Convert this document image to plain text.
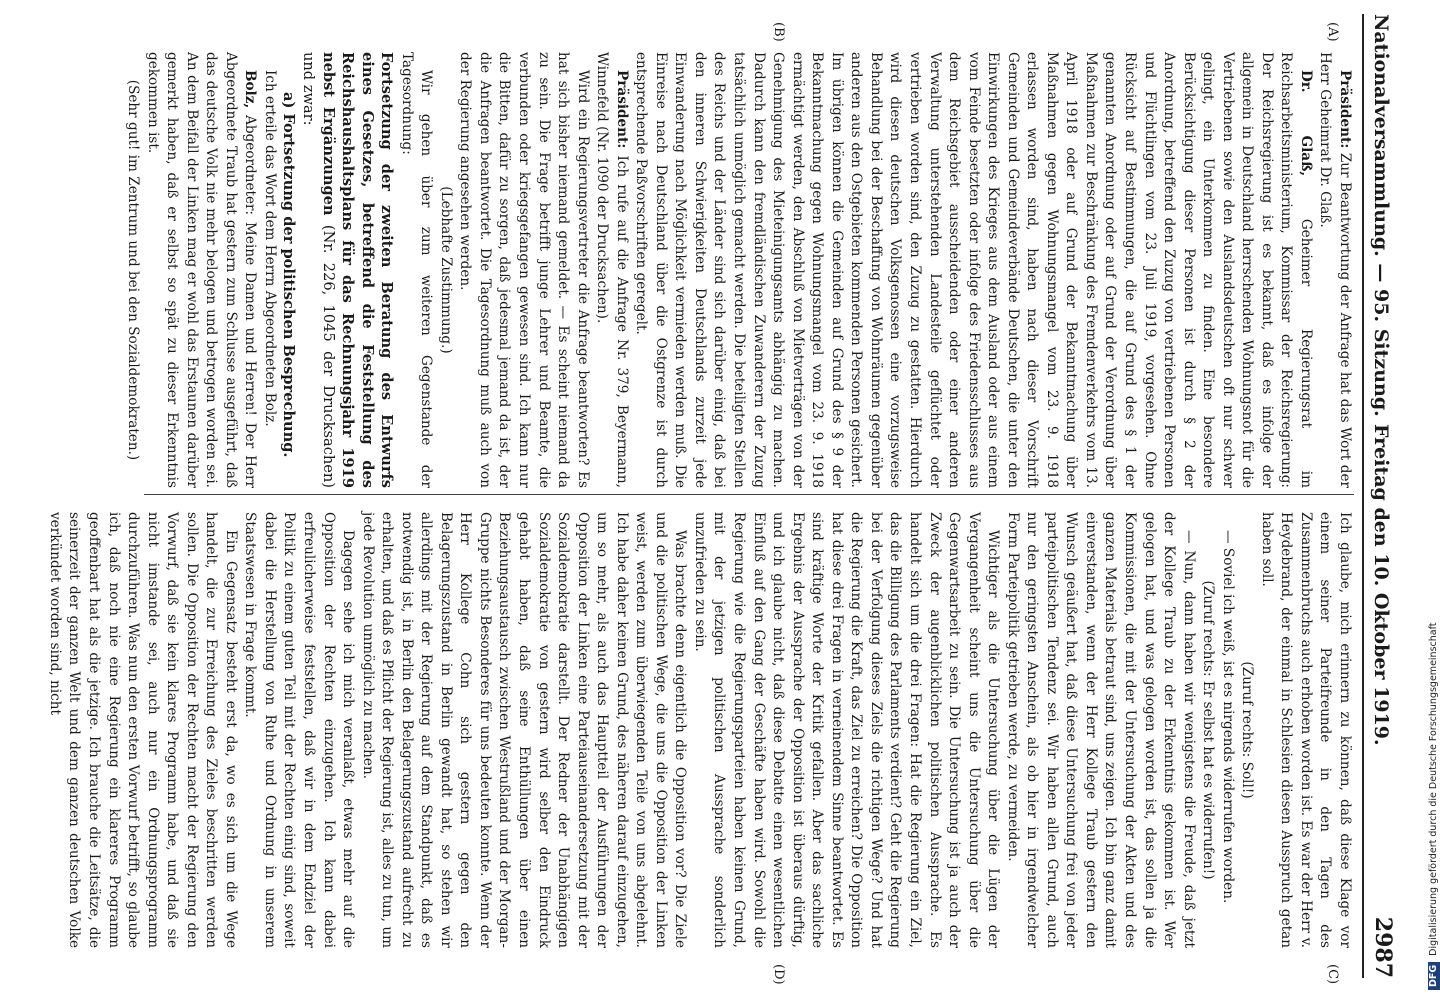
Nationalversammlung. — 95. Sitzung.
Freitag den 10. Oktober 1919.
2987
(A)
(B)
(C)
(D)

Präsident: Zur Beantwortung der Anfrage hat das Wort der Herr Geheimrat Dr. Glaß.

Dr. Glaß, Geheimer Regierungsrat im Reichsarbeitsministerium, Kommissar der Reichsregierung: Der Reichsregierung ist es bekannt, daß es infolge der allgemein in Deutschland herrschenden Wohnungsnot für die Vertriebenen sowie den Auslandsdeutschen oft nur schwer gelingt, ein Unterkommen zu finden. Eine besondere Berücksichtigung dieser Personen ist durch § 2 der Anordnung, betreffend den Zuzug von vertriebenen Personen und Flüchtlingen vom 23. Juli 1919, vorgesehen. Ohne Rücksicht auf Bestimmungen, die auf Grund des § 1 der genannten Anordnung oder auf Grund der Verordnung über Maßnahmen zur Beschränkung des Fremdenverkehrs vom 13. April 1918 oder auf Grund der Bekanntmachung über Maßnahmen gegen Wohnungsmangel vom 23. 9. 1918 erlassen worden sind, haben nach dieser Vorschrift Gemeinden und Gemeindeverbände Deutschen, die unter den Einwirkungen des Krieges aus dem Ausland oder aus einem vom Feinde besetzten oder infolge des Friedensschlusses aus dem Reichsgebiet ausscheidenden oder einer anderen Verwaltung unterstehenden Landesteile geflüchtet oder vertrieben worden sind, den Zuzug zu gestatten. Hierdurch wird diesen deutschen Volksgenossen eine vorzugsweise Behandlung bei der Beschaffung von Wohnräumen gegenüber anderen aus den Ostgebieten kommenden Personen gesichert. Im übrigen können die Gemeinden auf Grund des § 9 der Bekanntmachung gegen Wohnungsmangel vom 23. 9. 1918 ermächtigt werden, den Abschluß von Mietverträgen von der Genehmigung des Mieteinigungsamts abhängig zu machen. Dadurch kann den fremdländischen Zuwanderern der Zuzug tatsächlich unmöglich gemacht werden. Die beteiligten Stellen des Reichs und der Länder sind sich darüber einig, daß bei den inneren Schwierigkeiten Deutschlands zurzeit jede Einwanderung nach Möglichkeit vermieden werden muß. Die Einreise nach Deutschland über die Ostgrenze ist durch entsprechende Paßvorschriften geregelt.

Präsident: Ich rufe auf die Anfrage Nr. 379, Beyermann, Winnefeld (Nr. 1090 der Drucksachen).

Wird ein Regierungsvertreter die Anfrage beantworten? Es hat sich bisher niemand gemeldet. — Es scheint niemand da zu sein. Die Frage betrifft junge Lehrer und Beamte, die verbunden oder kriegsgefangen gewesen sind. Ich kann nur die Bitten, dafür zu sorgen, daß jedesmal jemand da ist, der die Anfragen beantwortet. Die Tagesordnung muß auch von der Regierung angesehen werden.

(Lebhafte Zustimmung.)

Wir gehen über zum weiteren Gegenstande der Tagesordnung:

Fortsetzung der zweiten Beratung des Entwurfs eines Gesetzes, betreffend die Feststellung des Reichshaushaltsplans für das Rechnungsjahr 1919 nebst Ergänzungen (Nr. 226, 1045 der Drucksachen) und zwar:
a) Fortsetzung der politischen Besprechung.

Ich erteile das Wort dem Herrn Abgeordneten Bolz.

Bolz, Abgeordneter: Meine Damen und Herren! Der Herr Abgeordnete Traub hat gestern zum Schlusse ausgeführt, daß das deutsche Volk nie mehr belogen und betrogen worden sei. An dem Beifall der Linken mag er wohl das Erstaunen darüber gemerkt haben, daß er selbst so spät zu dieser Erkenntnis gekommen ist.

(Sehr gut! im Zentrum und bei den Sozialdemokraten.)

Ich glaube, mich erinnern zu können, daß diese Klage vor einem seiner Parteifreunde in den Tagen des Zusammenbruchs auch erhoben worden ist. Es war der Herr v. Heydebrand, der einmal in Schlesien diesen Ausspruch getan haben soll.

(Zuruf rechts: Soll!)

— Soviel ich weiß, ist es nirgends widerrufen worden.

(Zuruf rechts: Er selbst hat es widerrufen!)

— Nun, dann haben wir wenigstens die Freude, daß jetzt der Kollege Traub zu der Erkenntnis gekommen ist. Wer gelogen hat, und was gelogen worden ist, das sollen ja die Kommissionen, die mit der Untersuchung der Akten und des ganzen Materials betraut sind, uns zeigen. Ich bin ganz damit einverstanden, wenn der Herr Kollege Traub gestern den Wunsch geäußert hat, daß diese Untersuchung frei von jeder parteipolitischen Tendenz sei. Wir haben allen Grund, auch nur den geringsten Anschein, als ob hier in irgendwelcher Form Parteipolitik getrieben werde, zu vermeiden.

Wichtiger als die Untersuchung über die Lügen der Vergangenheit scheint uns die Untersuchung über die Gegenwartsarbeit zu sein. Die Untersuchung ist ja auch der Zweck der augenblicklichen politischen Aussprache. Es handelt sich um die drei Fragen: Hat die Regierung ein Ziel, das die Billigung des Parlaments verdient? Geht die Regierung bei der Verfolgung dieses Ziels die richtigen Wege? Und hat die Regierung die Kraft, das Ziel zu erreichen? Die Opposition hat diese drei Fragen in verneinendem Sinne beantwortet. Es sind kräftige Worte der Kritik gefallen. Aber das sachliche Ergebnis der Aussprache der Opposition ist überaus dürftig, und ich glaube nicht, daß diese Debatte einen wesentlichen Einfluß auf den Gang der Geschäfte haben wird. Sowohl die Regierung wie die Regierungsparteien haben keinen Grund, mit der jetzigen politischen Aussprache sonderlich unzufrieden zu sein.

Was brachte denn eigentlich die Opposition vor? Die Ziele und die politischen Wege, die uns die Opposition der Linken weist, werden zum überwiegenden Teile von uns abgelehnt. Ich habe daher keinen Grund, des näheren darauf einzugehen, um so mehr, als auch das Hauptteil der Ausführungen der Opposition der Linken eine Parteiauseinandersetzung mit der Sozialdemokratie darstellt. Der Redner der Unabhängigen Sozialdemokratie von gestern wird selber den Eindruck gehabt haben, daß seine Enthüllungen über einen Beziehungsaustausch zwischen Westrußland und der Morgan-Gruppe nichts Besonderes für uns bedeuten konnte. Wenn der Herr Kollege Cohn sich gestern gegen den Belagerungszustand in Berlin gewandt hat, so stehen wir allerdings mit der Regierung auf dem Standpunkt, daß es notwendig ist, in Berlin den Belagerungszustand aufrecht zu erhalten, und daß es Pflicht der Regierung ist, alles zu tun, um jede Revolution unmöglich zu machen.

Dagegen sehe ich mich veranlaßt, etwas mehr auf die Opposition der Rechten einzugehen. Ich kann dabei erfreulicherweise feststellen, daß wir in dem Endziel der Politik zu einem guten Teil mit der Rechten einig sind, soweit dabei die Herstellung von Ruhe und Ordnung in unserem Staatswesen in Frage kommt.

Ein Gegensatz besteht erst da, wo es sich um die Wege handelt, die zur Erreichung des Zieles beschritten werden sollen. Die Opposition der Rechten macht der Regierung den Vorwurf, daß sie kein klares Programm habe, und daß sie nicht imstande sei, auch nur ein Ordnungsprogramm durchzuführen. Was nun den ersten Vorwurf betrifft, so glaube ich, daß noch nie eine Regierung ein klareres Programm geoffenbart hat als die jetzige. Ich brauche die Leitsätze, die seinerzeit der ganzen Welt und dem ganzen deutschen Volke verkündet worden sind, nicht

DFGDigitalisierung gefördert durch die Deutsche Forschungsgemeinschaft
